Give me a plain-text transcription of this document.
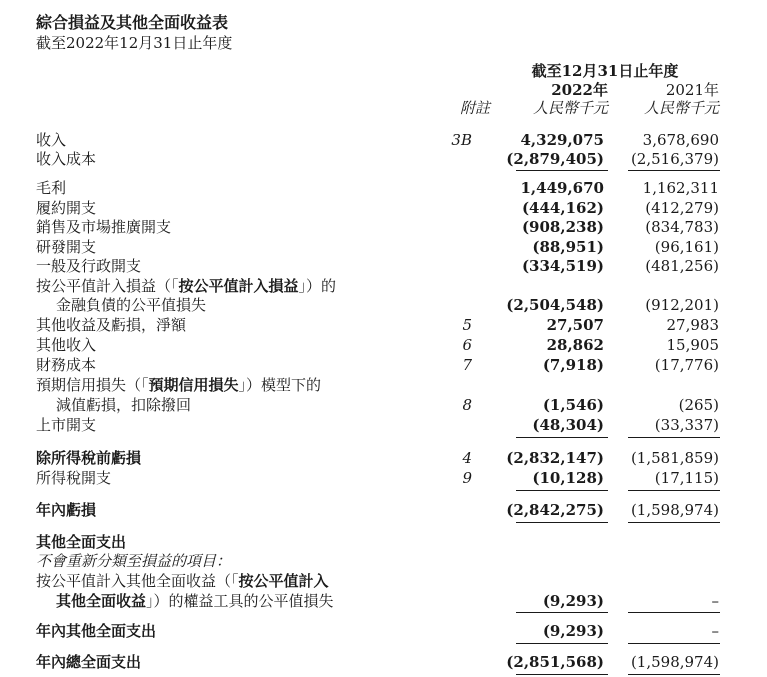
綜合損益及其他全面收益表
截至2022年12月31日止年度
截至12月31日止年度
2022年	2021年
附註	人民幣千元	人民幣千元
收入	3B	4,329,075	3,678,690
收入成本	(2,879,405)	(2,516,379)
毛利	1,449,670	1,162,311
履約開支	(444,162)	(412,279)
銷售及市場推廣開支	(908,238)	(834,783)
研發開支	(88,951)	(96,161)
一般及行政開支	(334,519)	(481,256)
按公平值計入損益（「按公平值計入損益」）的
金融負債的公平值損失	(2,504,548)	(912,201)
其他收益及虧損，淨額	5	27,507	27,983
其他收入	6	28,862	15,905
財務成本	7	(7,918)	(17,776)
預期信用損失（「預期信用損失」）模型下的
減值虧損，扣除撥回	8	(1,546)	(265)
上市開支	(48,304)	(33,337)
除所得稅前虧損	4	(2,832,147)	(1,581,859)
所得稅開支	9	(10,128)	(17,115)
年內虧損	(2,842,275)	(1,598,974)
其他全面支出
不會重新分類至損益的項目：
按公平值計入其他全面收益（「按公平值計入
其他全面收益」）的權益工具的公平值損失	(9,293)	–
年內其他全面支出	(9,293)	–
年內總全面支出	(2,851,568)	(1,598,974)
